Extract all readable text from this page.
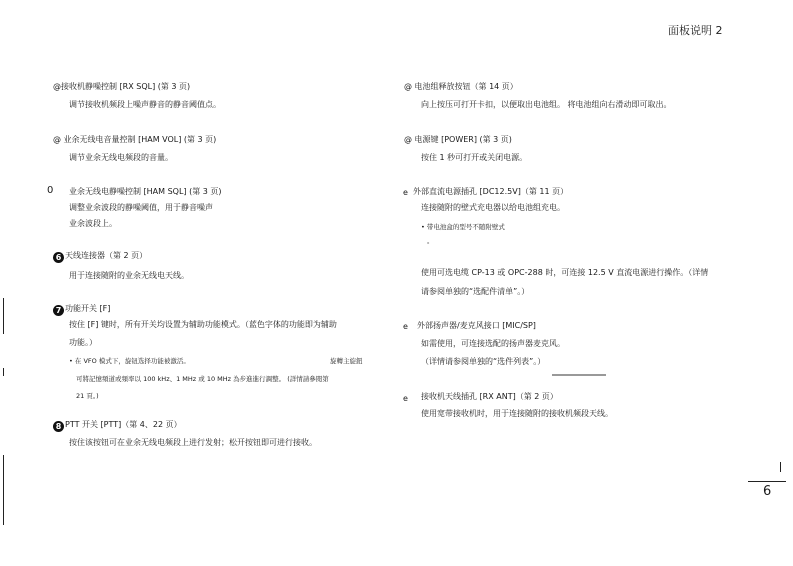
面板说明 2
@接收机静噪控制 [RX SQL] (第 3 页)
调节接收机频段上噪声静音的静音阈值点。
@ 业余无线电音量控制 [HAM VOL] (第 3 页)
调节业余无线电频段的音量。
0 业余无线电静噪控制 [HAM SQL] (第 3 页)
调整业余波段的静噪阈值，用于静音噪声
业余波段上。
6 天线连接器（第 2 页）
用于连接随附的业余无线电天线。
7 功能开关 [F]
按住 [F] 键时，所有开关均设置为辅助功能模式。（蓝色字体的功能即为辅助
功能。）
• 在 VFO 模式下，旋钮选择功能被激活。	旋轉主旋鈕
可將記憶頻道或頻率以 100 kHz、1 MHz 或 10 MHz 為步進進行調整。 (詳情請參閱第
21 頁。)
8 PTT 开关 [PTT]（第 4、22 页）
按住该按钮可在业余无线电频段上进行发射；松开按钮即可进行接收。
@ 电池组释放按钮（第 14 页）
向上按压可打开卡扣，以便取出电池组。 将电池组向右滑动即可取出。
@ 电源键 [POWER] (第 3 页)
按住 1 秒可打开或关闭电源。
e 外部直流电源插孔 [DC12.5V]（第 11 页）
连接随附的壁式充电器以给电池组充电。
• 带电池盒的型号不随附壁式
。
使用可选电缆 CP-13 或 OPC-288 时，可连接 12.5 V 直流电源进行操作。（详情
请参阅单独的“选配件清单”。）
e 外部扬声器/麦克风接口 [MIC/SP]
如需使用，可连接选配的扬声器麦克风。
（详情请参阅单独的“选件列表”。）
e 接收机天线插孔 [RX ANT]（第 2 页）
使用宽带接收机时，用于连接随附的接收机频段天线。
6
